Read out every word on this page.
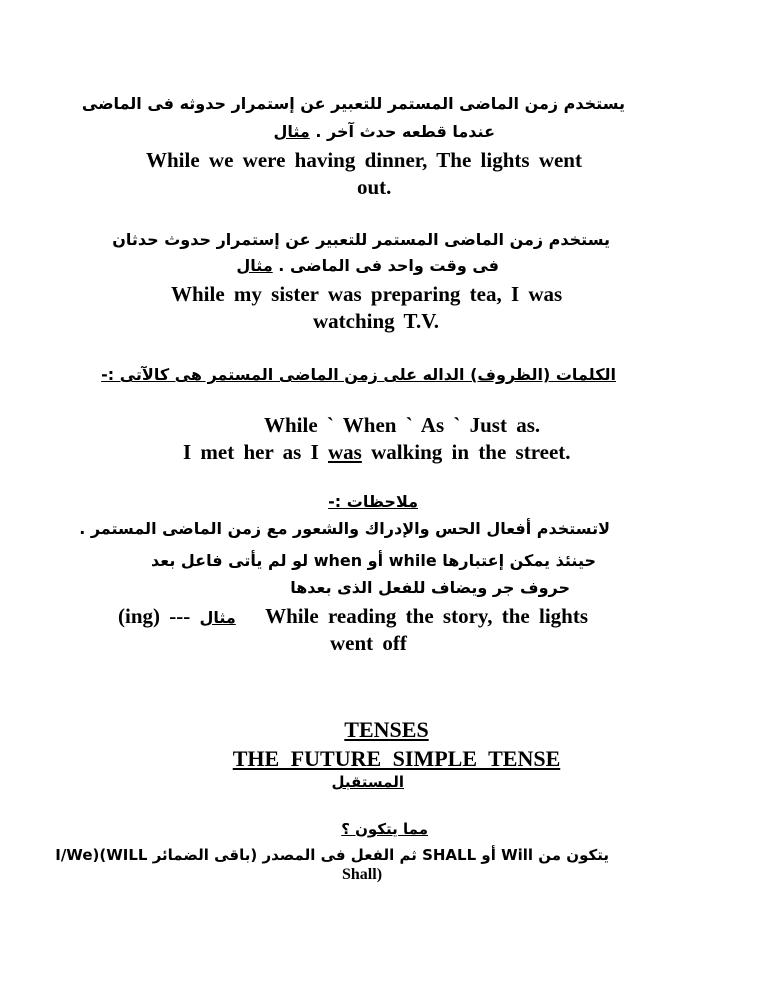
يستخدم زمن الماضى المستمر للتعبير عن إستمرار حدوثه فى الماضى
عندما قطعه حدث آخر . مثال
While we were having dinner, The lights went
out.
يستخدم زمن الماضى المستمر للتعبير عن إستمرار حدوث حدثان
فى وقت واحد فى الماضى . مثال
While my sister was preparing tea, I was
watching T.V.
الكلمات (الظروف) الداله على زمن الماضى المستمر هى كالآتى :-
While ` When ` As ` Just as.
I met her as I was walking in the street.
ملاحظات :-
لاتستخدم أفعال الحس والإدراك والشعور مع زمن الماضى المستمر .
حينئذ يمكن إعتبارها while أو when لو لم يأتى فاعل بعد
حروف جر ويضاف للفعل الذى بعدها
(ing) --- مثال While reading the story, the lights
went off
TENSES
THE FUTURE SIMPLE TENSE
المستقبل
مما يتكون ؟
يتكون من Will أو SHALL ثم الفعل فى المصدر (باقى الضمائر WILL)(I/We
Shall)
